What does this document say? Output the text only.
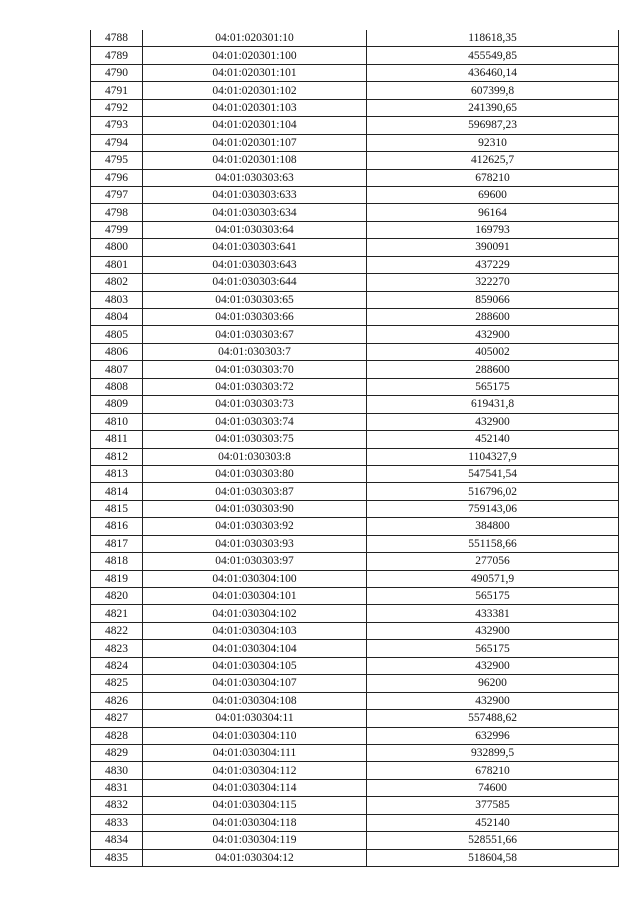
4788	04:01:020301:10	118618,35
4789	04:01:020301:100	455549,85
4790	04:01:020301:101	436460,14
4791	04:01:020301:102	607399,8
4792	04:01:020301:103	241390,65
4793	04:01:020301:104	596987,23
4794	04:01:020301:107	92310
4795	04:01:020301:108	412625,7
4796	04:01:030303:63	678210
4797	04:01:030303:633	69600
4798	04:01:030303:634	96164
4799	04:01:030303:64	169793
4800	04:01:030303:641	390091
4801	04:01:030303:643	437229
4802	04:01:030303:644	322270
4803	04:01:030303:65	859066
4804	04:01:030303:66	288600
4805	04:01:030303:67	432900
4806	04:01:030303:7	405002
4807	04:01:030303:70	288600
4808	04:01:030303:72	565175
4809	04:01:030303:73	619431,8
4810	04:01:030303:74	432900
4811	04:01:030303:75	452140
4812	04:01:030303:8	1104327,9
4813	04:01:030303:80	547541,54
4814	04:01:030303:87	516796,02
4815	04:01:030303:90	759143,06
4816	04:01:030303:92	384800
4817	04:01:030303:93	551158,66
4818	04:01:030303:97	277056
4819	04:01:030304:100	490571,9
4820	04:01:030304:101	565175
4821	04:01:030304:102	433381
4822	04:01:030304:103	432900
4823	04:01:030304:104	565175
4824	04:01:030304:105	432900
4825	04:01:030304:107	96200
4826	04:01:030304:108	432900
4827	04:01:030304:11	557488,62
4828	04:01:030304:110	632996
4829	04:01:030304:111	932899,5
4830	04:01:030304:112	678210
4831	04:01:030304:114	74600
4832	04:01:030304:115	377585
4833	04:01:030304:118	452140
4834	04:01:030304:119	528551,66
4835	04:01:030304:12	518604,58
